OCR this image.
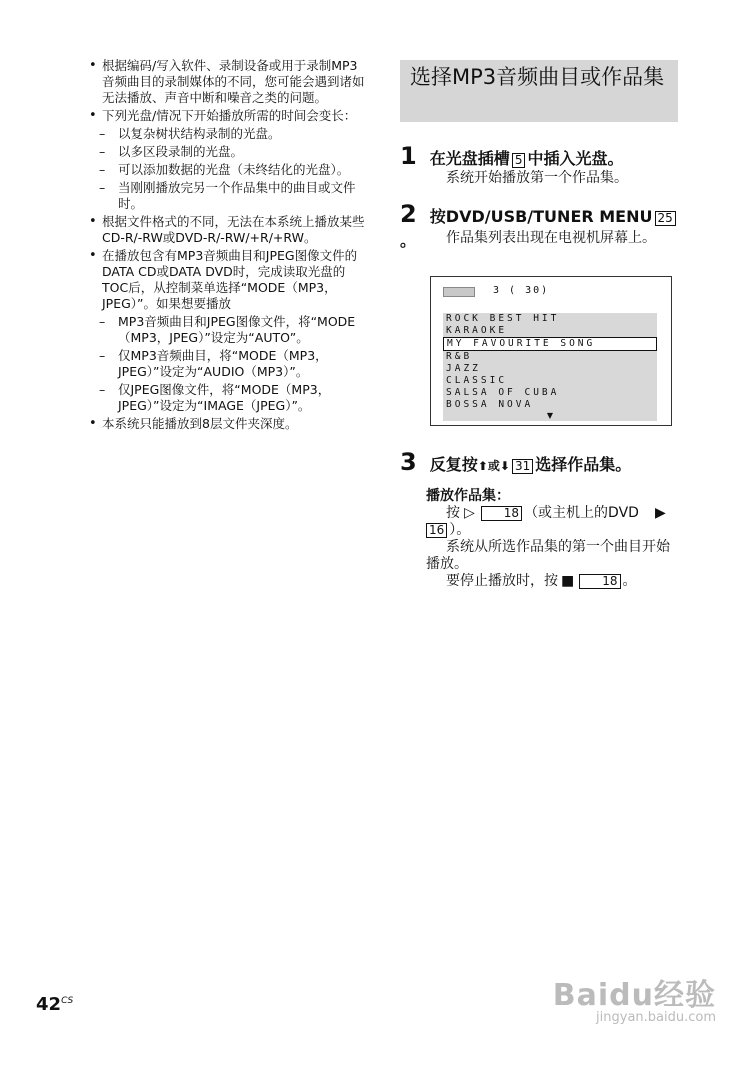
• 根据编码/写入软件、录制设备或用于录制MP3音频曲目的录制媒体的不同，您可能会遇到诸如无法播放、声音中断和噪音之类的问题。
• 下列光盘/情况下开始播放所需的时间会变长：
– 以复杂树状结构录制的光盘。
– 以多区段录制的光盘。
– 可以添加数据的光盘（未终结化的光盘）。
– 当刚刚播放完另一个作品集中的曲目或文件时。
• 根据文件格式的不同，无法在本系统上播放某些CD-R/-RW或DVD-R/-RW/+R/+RW。
• 在播放包含有MP3音频曲目和JPEG图像文件的DATA CD或DATA DVD时，完成读取光盘的TOC后，从控制菜单选择“MODE（MP3，JPEG）”。如果想要播放
– MP3音频曲目和JPEG图像文件，将“MODE（MP3，JPEG）”设定为“AUTO”。
– 仅MP3音频曲目，将“MODE（MP3，JPEG）”设定为“AUDIO（MP3）”。
– 仅JPEG图像文件，将“MODE（MP3，JPEG）”设定为“IMAGE（JPEG）”。
• 本系统只能播放到8层文件夹深度。
选择MP3音频曲目或作品集
1 在光盘插槽 5 中插入光盘。
系统开始播放第一个作品集。
2 按DVD/USB/TUNER MENU 25。	作品集列表出现在电视机屏幕上。
3 ( 30)
ROCK BEST HIT
KARAOKE
MY FAVOURITE SONG
R&B
JAZZ
CLASSIC
SALSA OF CUBA
BOSSA NOVA
▼
3 反复按⬆或⬇ 31 选择作品集。
播放作品集：
按 ▷ 18 （或主机上的DVD ▶
16 ）。
系统从所选作品集的第一个曲目开始播放。
要停止播放时，按 ■ 18 。
$42^{CS}$	Baidu经验
jingyan.baidu.com
